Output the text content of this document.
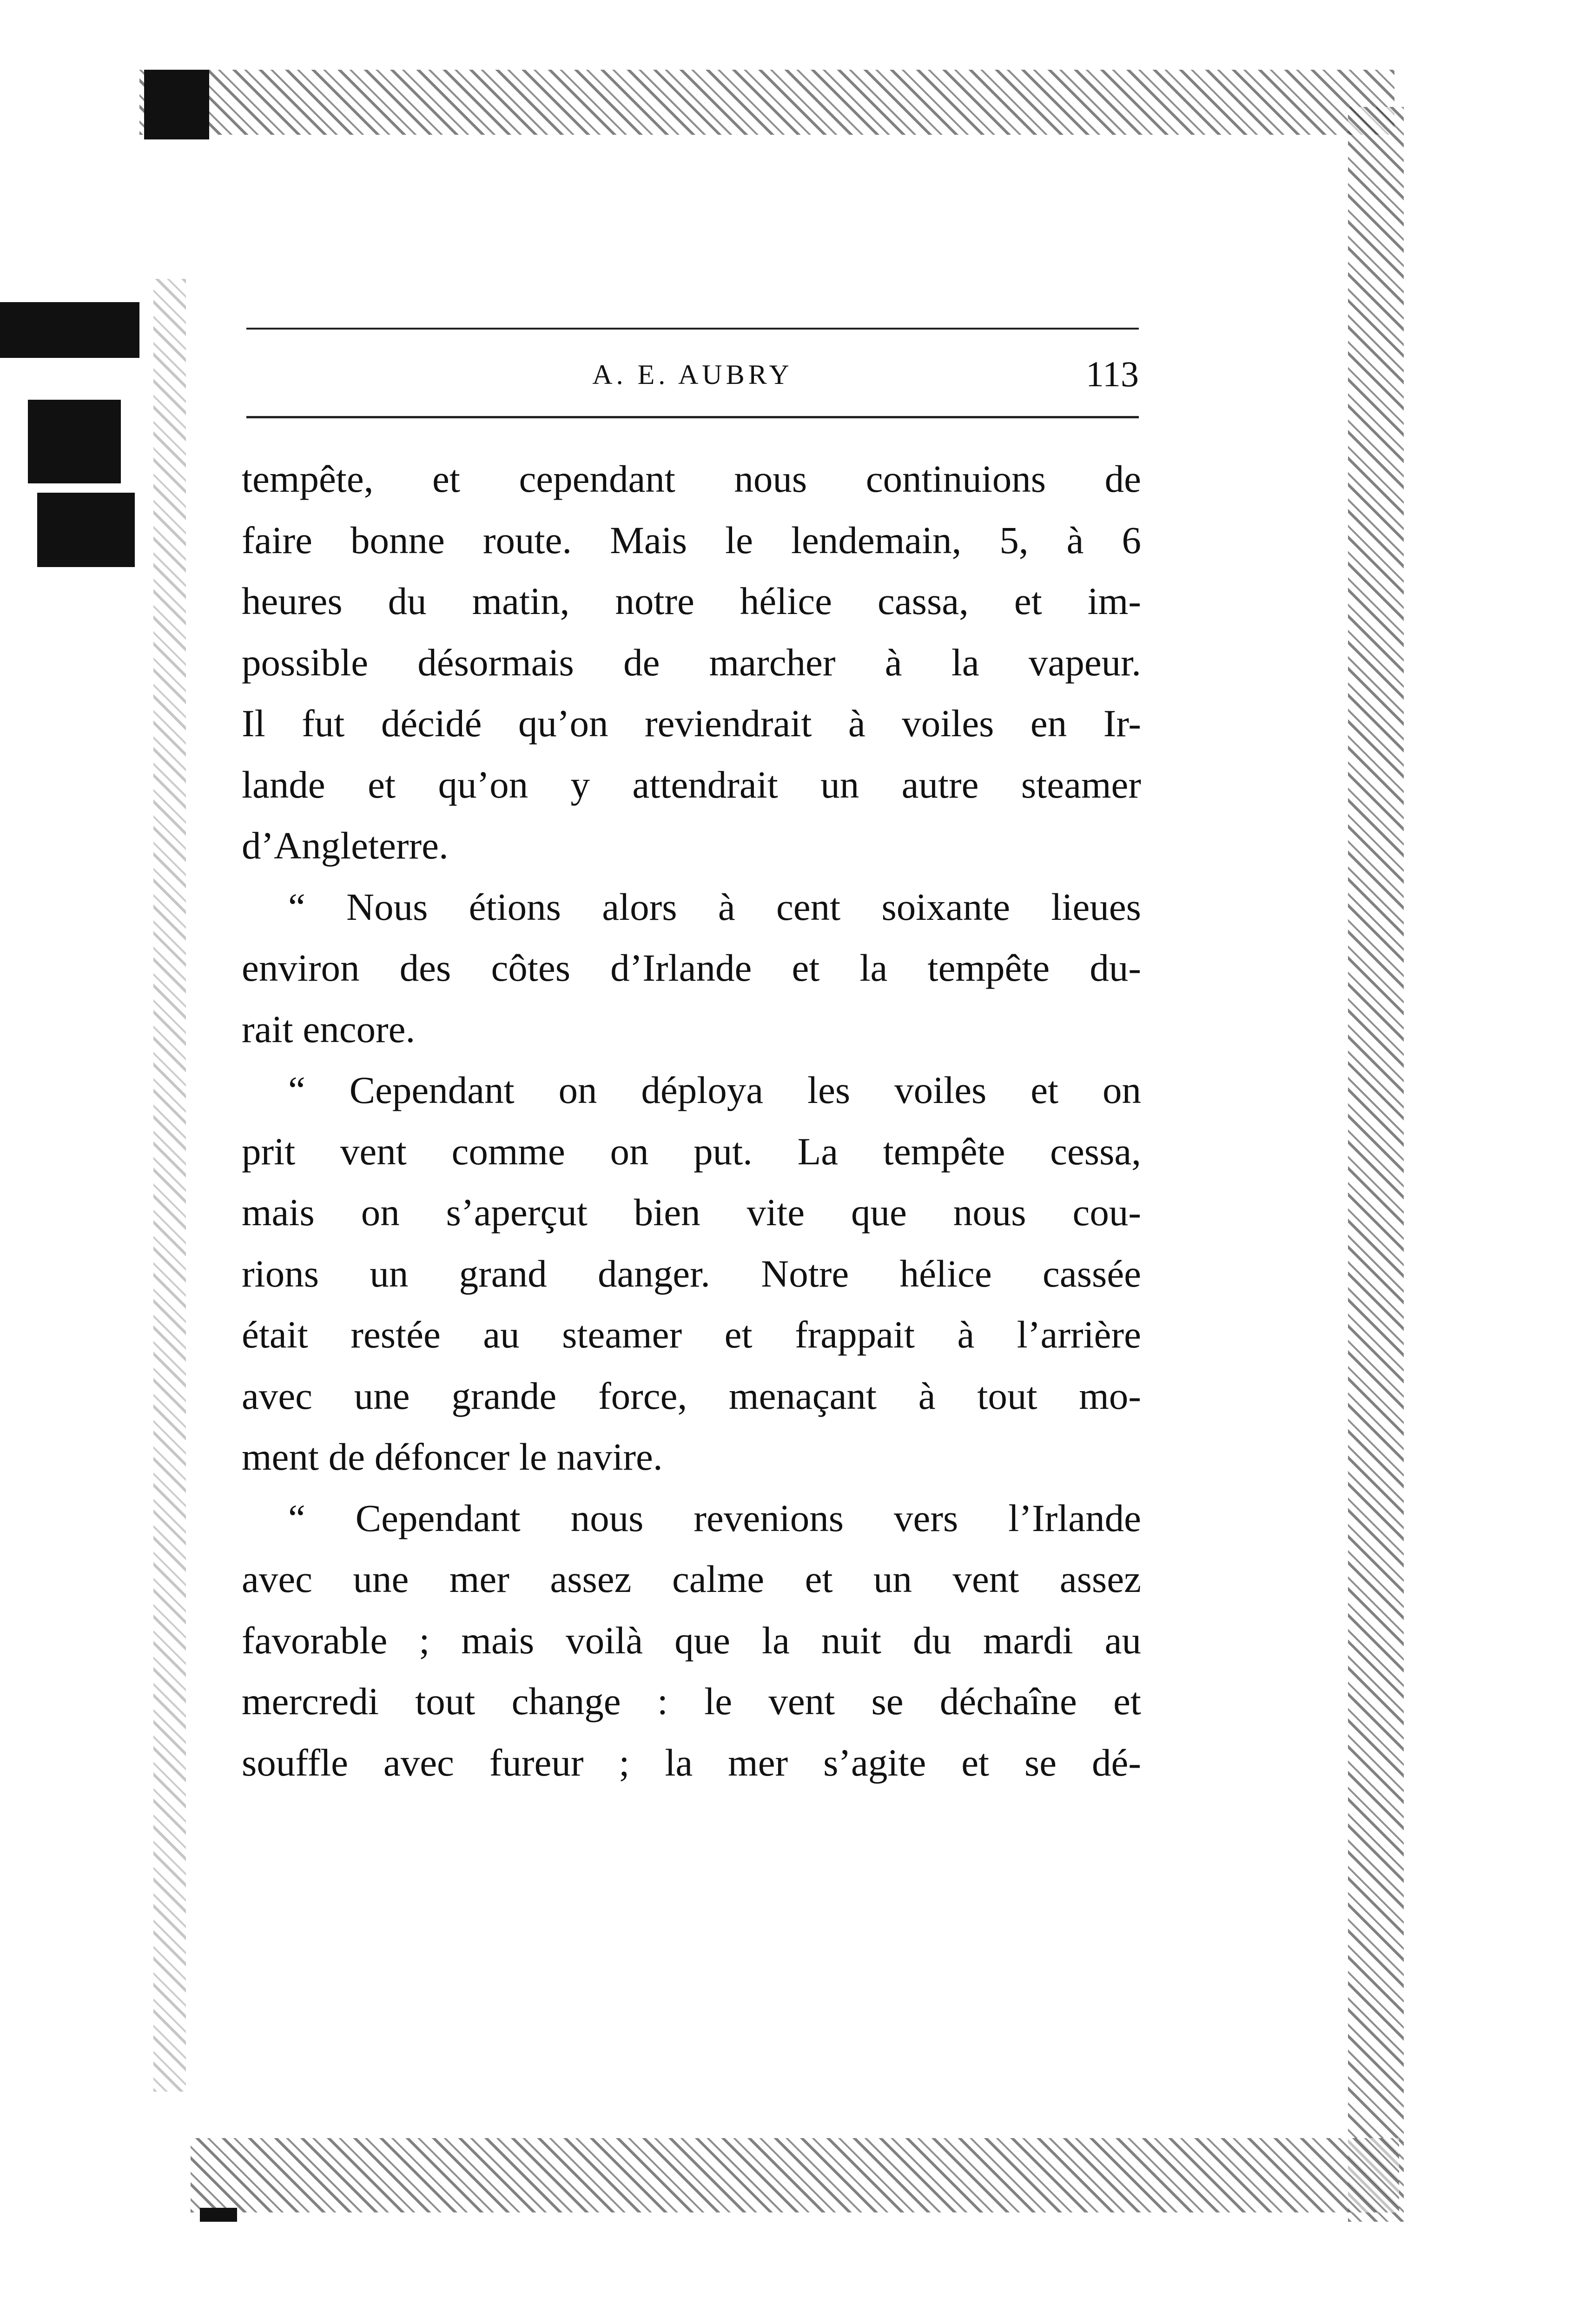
A. E. AUBRY	113
tempête, et cependant nous continuions de
faire bonne route. Mais le lendemain, 5, à 6
heures du matin, notre hélice cassa, et im-
possible désormais de marcher à la vapeur.
Il fut décidé qu’on reviendrait à voiles en Ir-
lande et qu’on y attendrait un autre steamer
d’Angleterre.
“ Nous étions alors à cent soixante lieues
environ des côtes d’Irlande et la tempête du-
rait encore.
“ Cependant on déploya les voiles et on
prit vent comme on put. La tempête cessa,
mais on s’aperçut bien vite que nous cou-
rions un grand danger. Notre hélice cassée
était restée au steamer et frappait à l’arrière
avec une grande force, menaçant à tout mo-
ment de défoncer le navire.
“ Cependant nous revenions vers l’Irlande
avec une mer assez calme et un vent assez
favorable ; mais voilà que la nuit du mardi au
mercredi tout change : le vent se déchaîne et
souffle avec fureur ; la mer s’agite et se dé-
